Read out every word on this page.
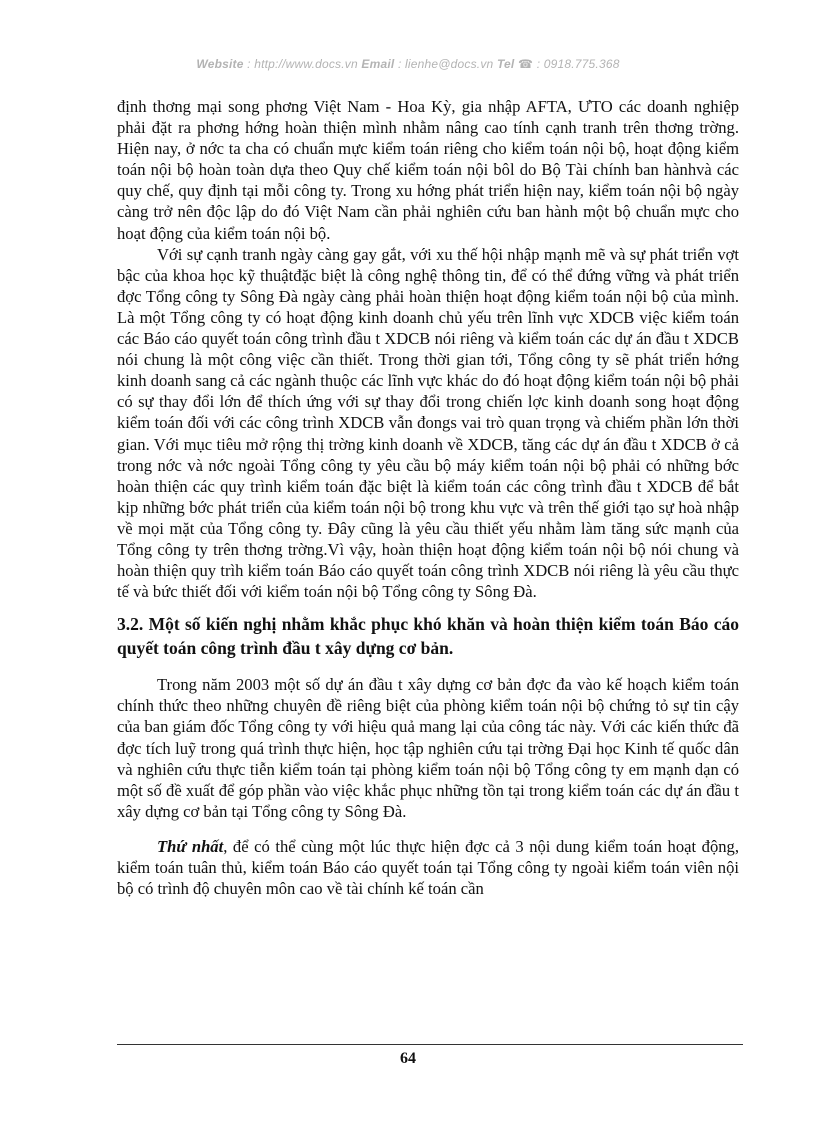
Website : http://www.docs.vn Email : lienhe@docs.vn Tel ☎ : 0918.775.368

định thơng mại song phơng Việt Nam - Hoa Kỳ, gia nhập AFTA, ƯTO các doanh nghiệp phải đặt ra phơng hớng hoàn thiện mình nhằm nâng cao tính cạnh tranh trên thơng trờng. Hiện nay, ở nớc ta cha có chuẩn mực kiểm toán riêng cho kiểm toán nội bộ, hoạt động kiểm toán nội bộ hoàn toàn dựa theo Quy chế kiểm toán nội bôl do Bộ Tài chính ban hànhvà các quy chế, quy định tại mỗi công ty. Trong xu hớng phát triển hiện nay, kiểm toán nội bộ ngày càng trở nên độc lập do đó Việt Nam cần phải nghiên cứu ban hành một bộ chuẩn mực cho hoạt động của kiểm toán nội bộ.

Với sự cạnh tranh ngày càng gay gắt, với xu thế hội nhập mạnh mẽ và sự phát triển vợt bậc của khoa học kỹ thuậtđặc biệt là công nghệ thông tin, để có thể đứng vững và phát triển đợc Tổng công ty Sông Đà ngày càng phải hoàn thiện hoạt động kiểm toán nội bộ của mình. Là một Tổng công ty có hoạt động kinh doanh chủ yếu trên lĩnh vực XDCB việc kiểm toán các Báo cáo quyết toán công trình đầu t XDCB nói riêng và kiểm toán các dự án đầu t XDCB nói chung là một công việc cần thiết. Trong thời gian tới, Tổng công ty sẽ phát triển hớng kinh doanh sang cả các ngành thuộc các lĩnh vực khác do đó hoạt động kiểm toán nội bộ phải có sự thay đổi lớn để thích ứng với sự thay đổi trong chiến lợc kinh doanh song hoạt động kiểm toán đối với các công trình XDCB vẫn đongs vai trò quan trọng và chiếm phần lớn thời gian. Với mục tiêu mở rộng thị trờng kinh doanh về XDCB, tăng các dự án đầu t XDCB ở cả trong nớc và nớc ngoài Tổng công ty yêu cầu bộ máy kiểm toán nội bộ phải có những bớc hoàn thiện các quy trình kiểm toán đặc biệt là kiểm toán các công trình đầu t XDCB để bắt kịp những bớc phát triển của kiểm toán nội bộ trong khu vực và trên thế giới tạo sự hoà nhập về mọi mặt của Tổng công ty. Đây cũng là yêu cầu thiết yếu nhằm làm tăng sức mạnh của Tổng công ty trên thơng trờng.Vì vậy, hoàn thiện hoạt động kiểm toán nội bộ nói chung và hoàn thiện quy trìh kiểm toán Báo cáo quyết toán công trình XDCB nói riêng là yêu cầu thực tế và bức thiết đối với kiểm toán nội bộ Tổng công ty Sông Đà.

3.2. Một số kiến nghị nhằm khắc phục khó khăn và hoàn thiện kiểm toán Báo cáo quyết toán công trình đầu t xây dựng cơ bản.

Trong năm 2003 một số dự án đầu t xây dựng cơ bản đợc đa vào kế hoạch kiểm toán chính thức theo những chuyên đề riêng biệt của phòng kiểm toán nội bộ chứng tỏ sự tin cậy của ban giám đốc Tổng công ty với hiệu quả mang lại của công tác này. Với các kiến thức đã đợc tích luỹ trong quá trình thực hiện, học tập nghiên cứu tại trờng Đại học Kinh tế quốc dân và nghiên cứu thực tiễn kiểm toán tại phòng kiểm toán nội bộ Tổng công ty em mạnh dạn có một số đề xuất để góp phần vào việc khắc phục những tồn tại trong kiểm toán các dự án đầu t xây dựng cơ bản tại Tổng công ty Sông Đà.

Thứ nhất, để có thể cùng một lúc thực hiện đợc cả 3 nội dung kiểm toán hoạt động, kiểm toán tuân thủ, kiểm toán Báo cáo quyết toán tại Tổng công ty ngoài kiểm toán viên nội bộ có trình độ chuyên môn cao về tài chính kế toán cần

64
